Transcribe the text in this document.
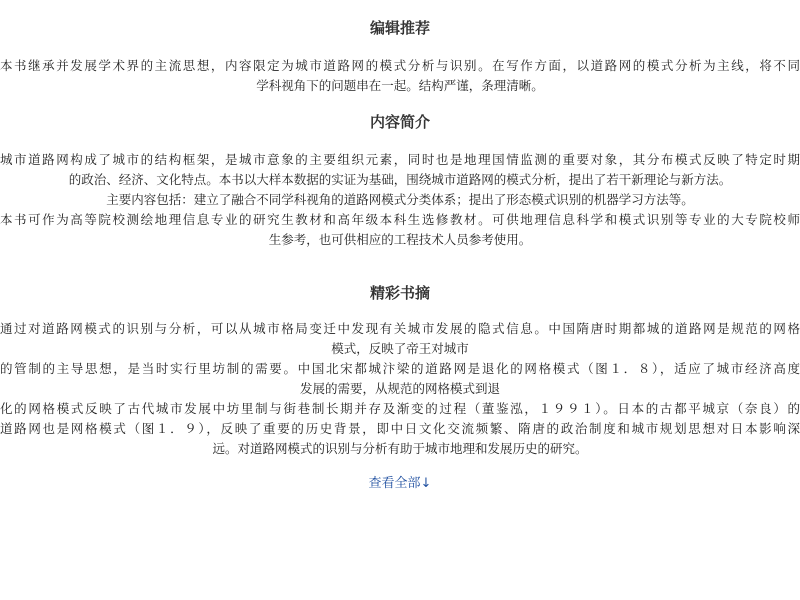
编辑推荐
本书继承并发展学术界的主流思想，内容限定为城市道路网的模式分析与识别。在写作方面，以道路网的模式分析为主线，将不同
学科视角下的问题串在一起。结构严谨，条理清晰。
内容简介
城市道路网构成了城市的结构框架，是城市意象的主要组织元素，同时也是地理国情监测的重要对象，其分布模式反映了特定时期
的政治、经济、文化特点。本书以大样本数据的实证为基础，围绕城市道路网的模式分析，提出了若干新理论与新方法。
主要内容包括：建立了融合不同学科视角的道路网模式分类体系；提出了形态模式识别的机器学习方法等。
本书可作为高等院校测绘地理信息专业的研究生教材和高年级本科生选修教材。可供地理信息科学和模式识别等专业的大专院校师
生参考，也可供相应的工程技术人员参考使用。
精彩书摘
通过对道路网模式的识别与分析，可以从城市格局变迁中发现有关城市发展的隐式信息。中国隋唐时期都城的道路网是规范的网格
模式，反映了帝王对城市
的管制的主导思想，是当时实行里坊制的需要。中国北宋都城汴梁的道路网是退化的网格模式（图１．８），适应了城市经济高度
发展的需要，从规范的网格模式到退
化的网格模式反映了古代城市发展中坊里制与街巷制长期并存及渐变的过程（董鉴泓，１９９１）。日本的古都平城京（奈良）的
道路网也是网格模式（图１．９），反映了重要的历史背景，即中日文化交流频繁、隋唐的政治制度和城市规划思想对日本影响深
远。对道路网模式的识别与分析有助于城市地理和发展历史的研究。
查看全部↓
